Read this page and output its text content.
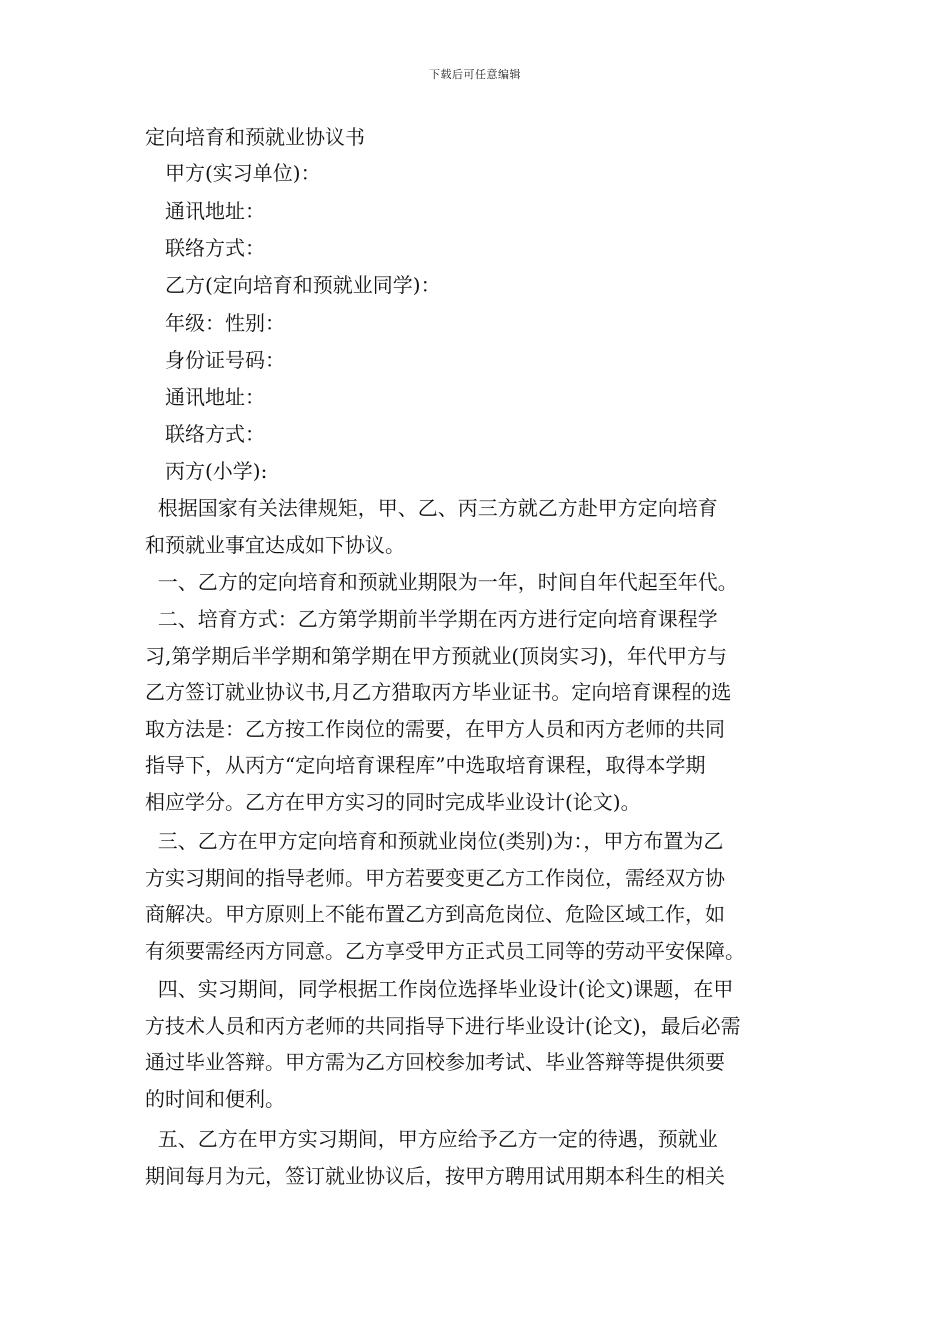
下载后可任意编辑
定向培育和预就业协议书
甲方(实习单位)：
通讯地址：
联络方式：
乙方(定向培育和预就业同学)：
年级：性别：
身份证号码：
通讯地址：
联络方式：
丙方(小学):
根据国家有关法律规矩，甲、乙、丙三方就乙方赴甲方定向培育
和预就业事宜达成如下协议。
一、乙方的定向培育和预就业期限为一年，时间自年代起至年代。
二、培育方式：乙方第学期前半学期在丙方进行定向培育课程学
习,第学期后半学期和第学期在甲方预就业(顶岗实习)，年代甲方与
乙方签订就业协议书,月乙方猎取丙方毕业证书。定向培育课程的选
取方法是：乙方按工作岗位的需要，在甲方人员和丙方老师的共同
指导下，从丙方“定向培育课程库”中选取培育课程，取得本学期
相应学分。乙方在甲方实习的同时完成毕业设计(论文)。
三、乙方在甲方定向培育和预就业岗位(类别)为：，甲方布置为乙
方实习期间的指导老师。甲方若要变更乙方工作岗位，需经双方协
商解决。甲方原则上不能布置乙方到高危岗位、危险区域工作，如
有须要需经丙方同意。乙方享受甲方正式员工同等的劳动平安保障。
四、实习期间，同学根据工作岗位选择毕业设计(论文)课题，在甲
方技术人员和丙方老师的共同指导下进行毕业设计(论文)，最后必需
通过毕业答辩。甲方需为乙方回校参加考试、毕业答辩等提供须要
的时间和便利。
五、乙方在甲方实习期间，甲方应给予乙方一定的待遇，预就业
期间每月为元，签订就业协议后，按甲方聘用试用期本科生的相关
